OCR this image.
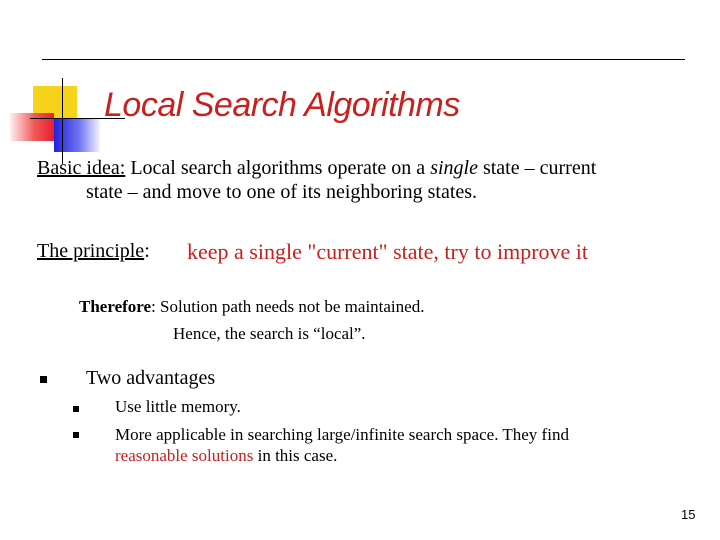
Local Search Algorithms
Basic idea: Local search algorithms operate on a single state – current
state – and move to one of its neighboring states.
The principle: keep a single "current" state, try to improve it
Therefore: Solution path needs not be maintained.
Hence, the search is “local”.
Two advantages
Use little memory.
More applicable in searching large/infinite search space. They find
reasonable solutions in this case.
15
